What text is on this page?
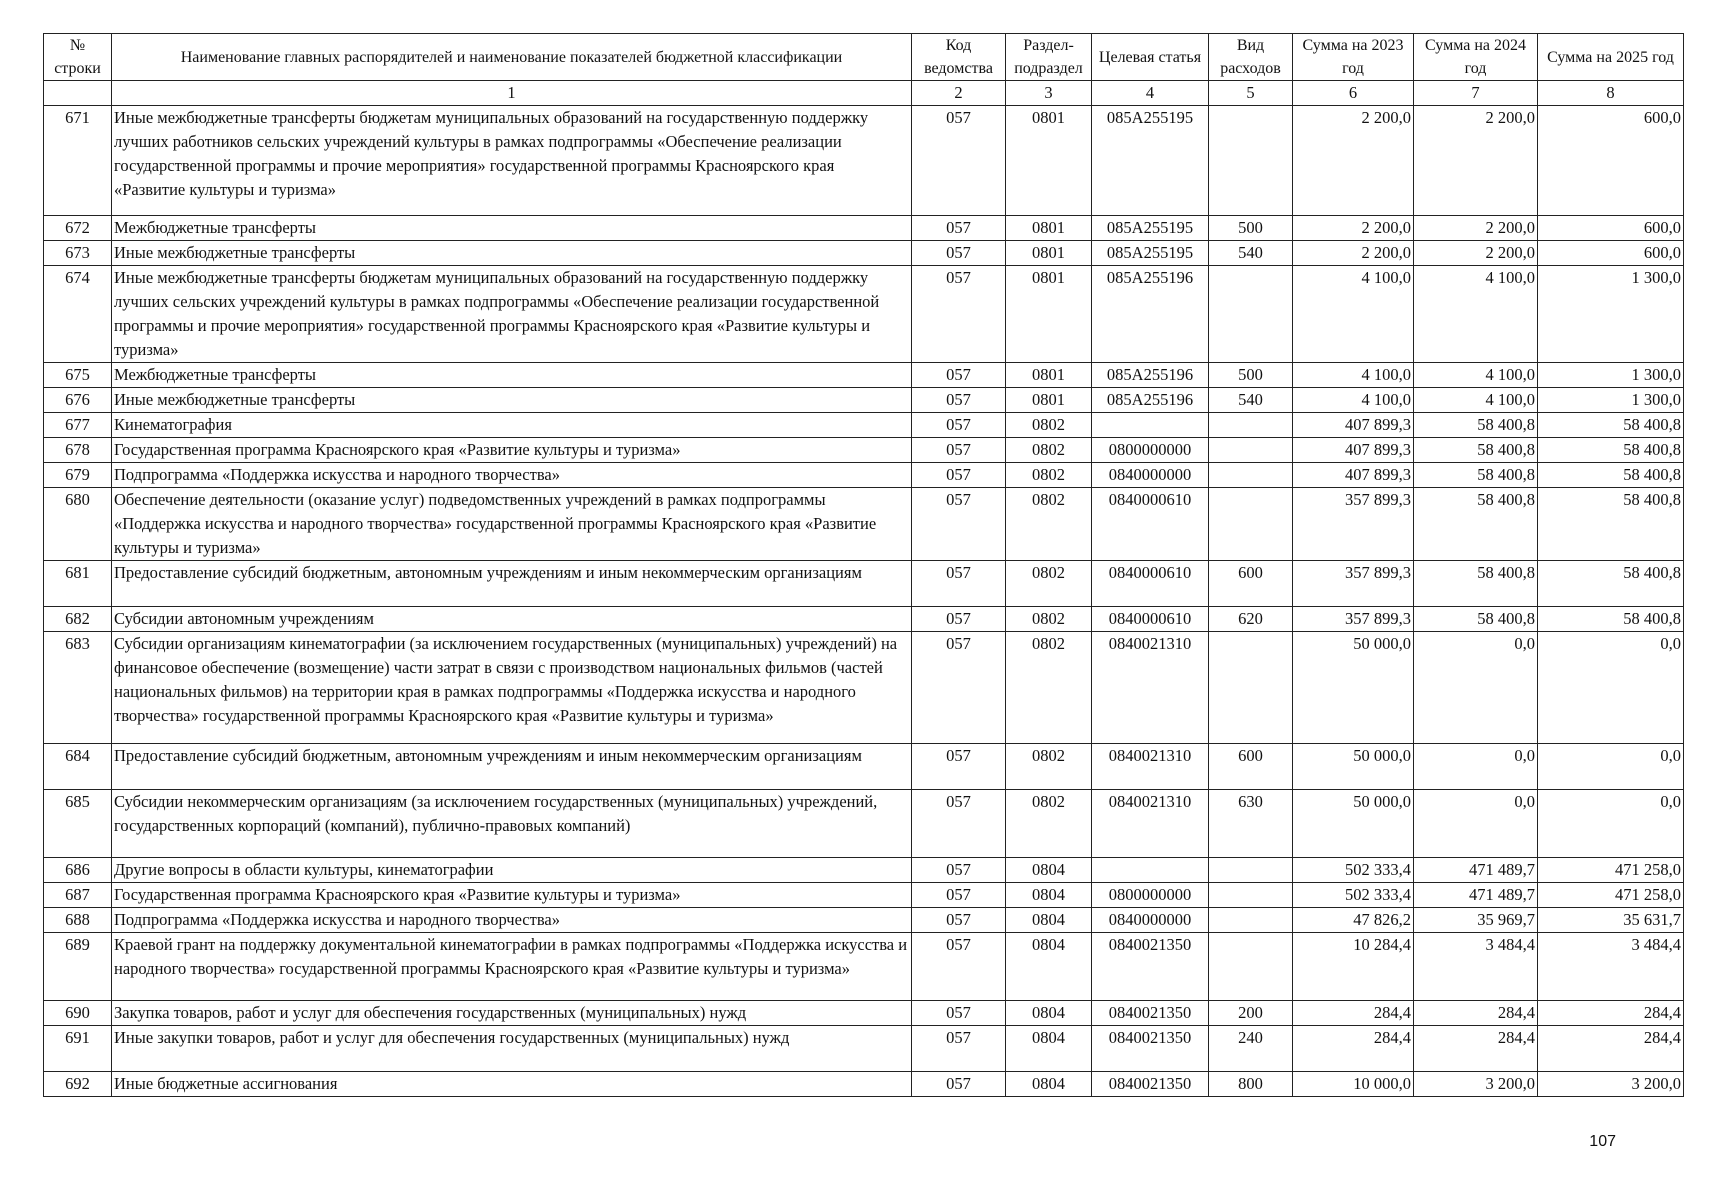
№ строки	Наименование главных распорядителей и наименование показателей бюджетной классификации	Код ведомства	Раздел-подраздел	Целевая статья	Вид расходов	Сумма на 2023 год	Сумма на 2024 год	Сумма на 2025 год
	1	2	3	4	5	6	7	8
671	Иные межбюджетные трансферты бюджетам муниципальных образований на государственную поддержку лучших работников сельских учреждений культуры в рамках подпрограммы «Обеспечение реализации государственной программы и прочие мероприятия» государственной программы Красноярского края «Развитие культуры и туризма»	057	0801	085A255195		2 200,0	2 200,0	600,0
672	Межбюджетные трансферты	057	0801	085A255195	500	2 200,0	2 200,0	600,0
673	Иные межбюджетные трансферты	057	0801	085A255195	540	2 200,0	2 200,0	600,0
674	Иные межбюджетные трансферты бюджетам муниципальных образований на государственную поддержку лучших сельских учреждений культуры в рамках подпрограммы «Обеспечение реализации государственной программы и прочие мероприятия» государственной программы Красноярского края «Развитие культуры и туризма»	057	0801	085A255196		4 100,0	4 100,0	1 300,0
675	Межбюджетные трансферты	057	0801	085A255196	500	4 100,0	4 100,0	1 300,0
676	Иные межбюджетные трансферты	057	0801	085A255196	540	4 100,0	4 100,0	1 300,0
677	Кинематография	057	0802			407 899,3	58 400,8	58 400,8
678	Государственная программа Красноярского края «Развитие культуры и туризма»	057	0802	0800000000		407 899,3	58 400,8	58 400,8
679	Подпрограмма «Поддержка искусства и народного творчества»	057	0802	0840000000		407 899,3	58 400,8	58 400,8
680	Обеспечение деятельности (оказание услуг) подведомственных учреждений в рамках подпрограммы «Поддержка искусства и народного творчества» государственной программы Красноярского края «Развитие культуры и туризма»	057	0802	0840000610		357 899,3	58 400,8	58 400,8
681	Предоставление субсидий бюджетным, автономным учреждениям и иным некоммерческим организациям	057	0802	0840000610	600	357 899,3	58 400,8	58 400,8
682	Субсидии автономным учреждениям	057	0802	0840000610	620	357 899,3	58 400,8	58 400,8
683	Субсидии организациям кинематографии (за исключением государственных (муниципальных) учреждений) на финансовое обеспечение (возмещение) части затрат в связи с производством национальных фильмов (частей национальных фильмов) на территории края в рамках подпрограммы «Поддержка искусства и народного творчества» государственной программы Красноярского края «Развитие культуры и туризма»	057	0802	0840021310		50 000,0	0,0	0,0
684	Предоставление субсидий бюджетным, автономным учреждениям и иным некоммерческим организациям	057	0802	0840021310	600	50 000,0	0,0	0,0
685	Субсидии некоммерческим организациям (за исключением государственных (муниципальных) учреждений, государственных корпораций (компаний), публично-правовых компаний)	057	0802	0840021310	630	50 000,0	0,0	0,0
686	Другие вопросы в области культуры, кинематографии	057	0804			502 333,4	471 489,7	471 258,0
687	Государственная программа Красноярского края «Развитие культуры и туризма»	057	0804	0800000000		502 333,4	471 489,7	471 258,0
688	Подпрограмма «Поддержка искусства и народного творчества»	057	0804	0840000000		47 826,2	35 969,7	35 631,7
689	Краевой грант на поддержку документальной кинематографии в рамках подпрограммы «Поддержка искусства и народного творчества» государственной программы Красноярского края «Развитие культуры и туризма»	057	0804	0840021350		10 284,4	3 484,4	3 484,4
690	Закупка товаров, работ и услуг для обеспечения государственных (муниципальных) нужд	057	0804	0840021350	200	284,4	284,4	284,4
691	Иные закупки товаров, работ и услуг для обеспечения государственных (муниципальных) нужд	057	0804	0840021350	240	284,4	284,4	284,4
692	Иные бюджетные ассигнования	057	0804	0840021350	800	10 000,0	3 200,0	3 200,0
107
